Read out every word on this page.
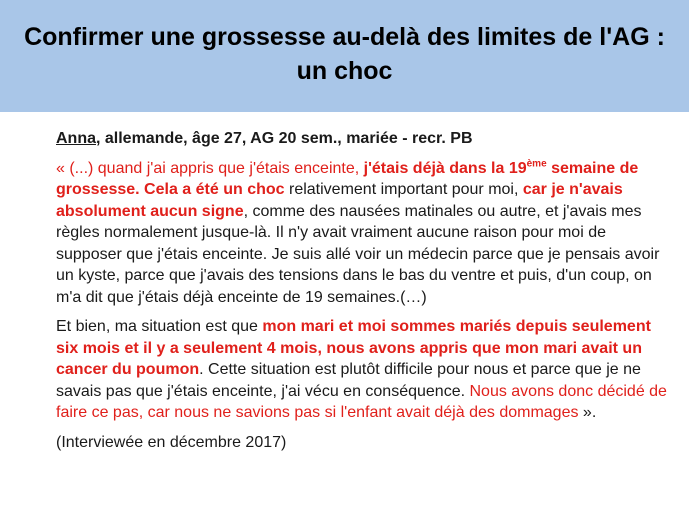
Confirmer une grossesse au-delà des limites de l'AG :
un choc

Anna, allemande, âge 27, AG 20 sem., mariée - recr. PB

« (...) quand j'ai appris que j'étais enceinte, j'étais déjà dans la 19ème semaine de grossesse. Cela a été un choc relativement important pour moi, car je n'avais absolument aucun signe, comme des nausées matinales ou autre, et j'avais mes règles normalement jusque-là. Il n'y avait vraiment aucune raison pour moi de supposer que j'étais enceinte. Je suis allé voir un médecin parce que je pensais avoir un kyste, parce que j'avais des tensions dans le bas du ventre et puis, d'un coup, on m'a dit que j'étais déjà enceinte de 19 semaines.(…)

Et bien, ma situation est que mon mari et moi sommes mariés depuis seulement six mois et il y a seulement 4 mois, nous avons appris que mon mari avait un cancer du poumon. Cette situation est plutôt difficile pour nous et parce que je ne savais pas que j'étais enceinte, j'ai vécu en conséquence. Nous avons donc décidé de faire ce pas, car nous ne savions pas si l'enfant avait déjà des dommages ».

(Interviewée en décembre 2017)
